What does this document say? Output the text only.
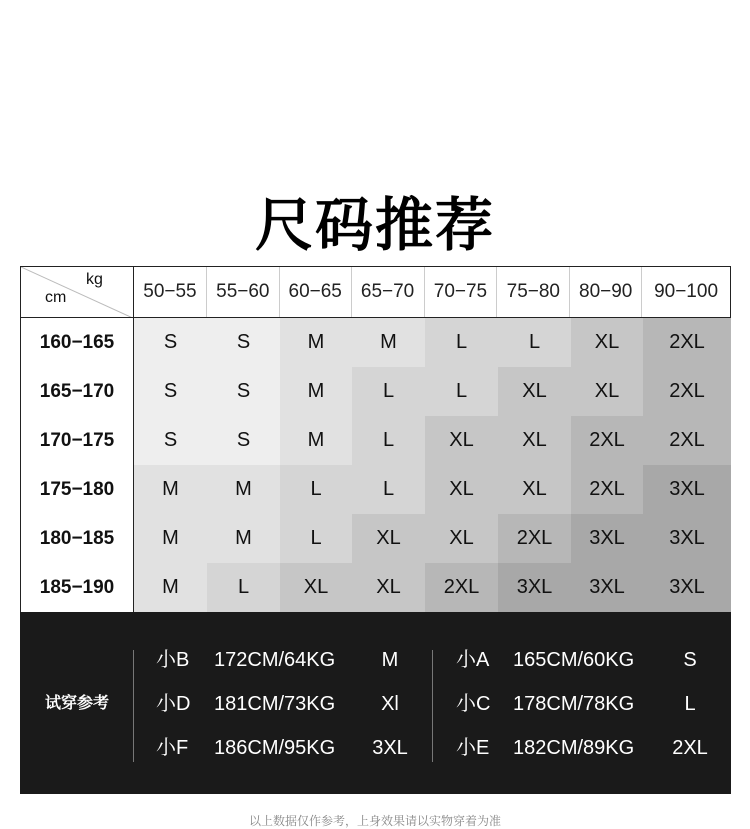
尺码推荐
kg
cm	50−55	55−60	60−65	65−70	70−75	75−80	80−90	90−100
160−165	S	S	M	M	L	L	XL	2XL
165−170	S	S	M	L	L	XL	XL	2XL
170−175	S	S	M	L	XL	XL	2XL	2XL
175−180	M	M	L	L	XL	XL	2XL	3XL
180−185	M	M	L	XL	XL	2XL	3XL	3XL
185−190	M	L	XL	XL	2XL	3XL	3XL	3XL
试穿参考
小B 172CM/64KG	M
小D 181CM/73KG	Xl
小F 186CM/95KG	3XL
小A 165CM/60KG	S
小C 178CM/78KG	L
小E 182CM/89KG	2XL
以上数据仅作参考，上身效果请以实物穿着为准
